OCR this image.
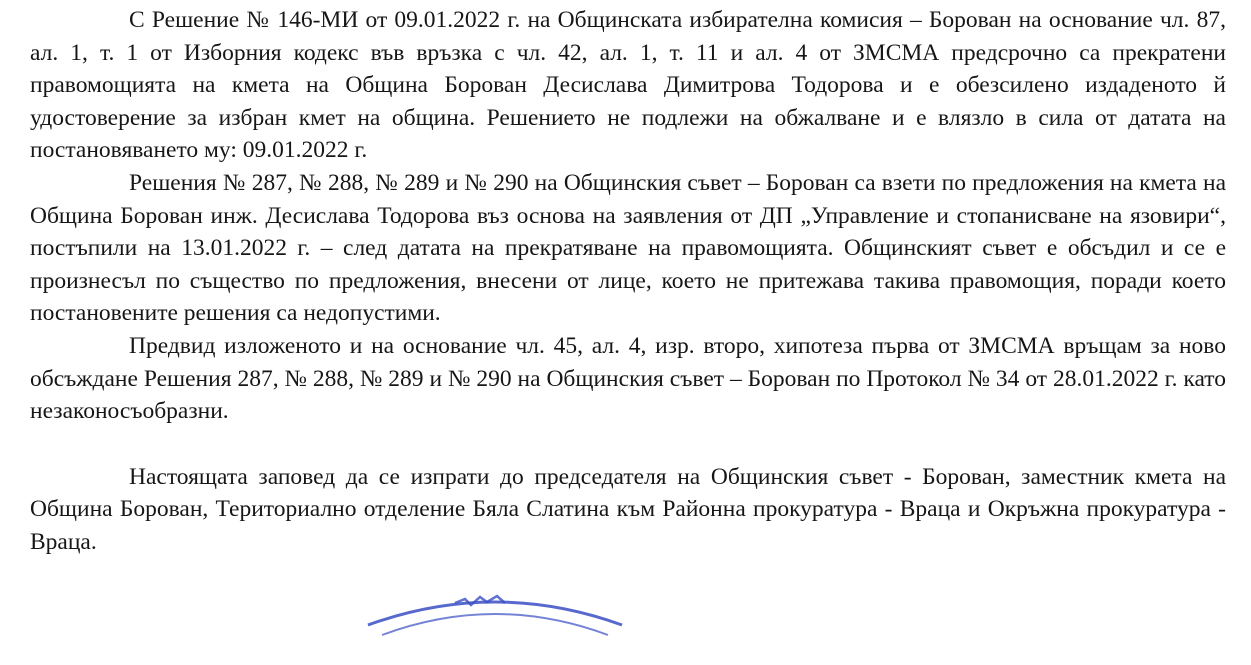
С Решение № 146-МИ от 09.01.2022 г. на Общинската избирателна комисия – Борован на основание чл. 87, ал. 1, т. 1 от Изборния кодекс във връзка с чл. 42, ал. 1, т. 11 и ал. 4 от ЗМСМА предсрочно са прекратени правомощията на кмета на Община Борован Десислава Димитрова Тодорова и е обезсилено издаденото й удостоверение за избран кмет на община. Решението не подлежи на обжалване и е влязло в сила от датата на постановяването му: 09.01.2022 г.

Решения № 287, № 288, № 289 и № 290 на Общинския съвет – Борован са взети по предложения на кмета на Община Борован инж. Десислава Тодорова въз основа на заявления от ДП „Управление и стопанисване на язовири“, постъпили на 13.01.2022 г. – след датата на прекратяване на правомощията. Общинският съвет е обсъдил и се е произнесъл по същество по предложения, внесени от лице, което не притежава такива правомощия, поради което постановените решения са недопустими.

Предвид изложеното и на основание чл. 45, ал. 4, изр. второ, хипотеза първа от ЗМСМА връщам за ново обсъждане Решения 287, № 288, № 289 и № 290 на Общинския съвет – Борован по Протокол № 34 от 28.01.2022 г. като незаконосъобразни.

Настоящата заповед да се изпрати до председателя на Общинския съвет - Борован, заместник кмета на Община Борован, Териториално отделение Бяла Слатина към Районна прокуратура - Враца и Окръжна прокуратура - Враца.
